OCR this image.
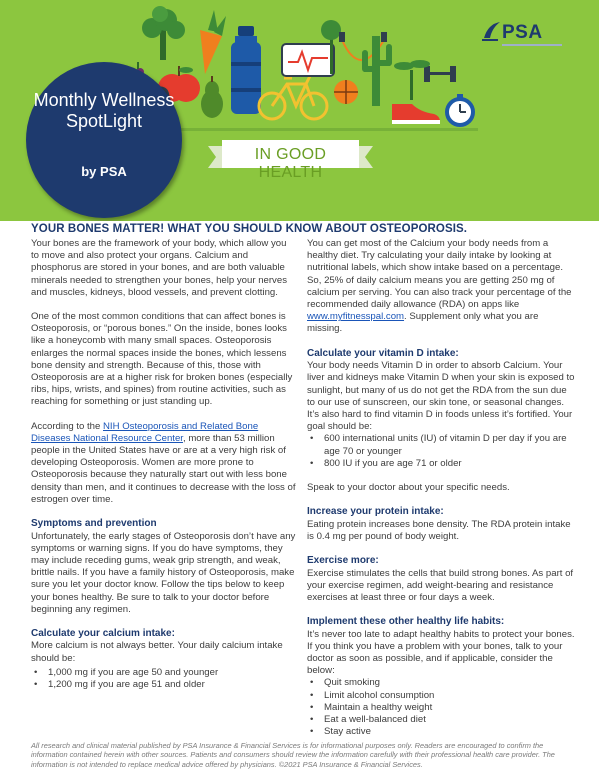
PSA
Monthly Wellness SpotLight
by PSA
IN GOOD HEALTH
YOUR BONES MATTER! WHAT YOU SHOULD KNOW ABOUT OSTEOPOROSIS.

Your bones are the framework of your body, which allow you to move and also protect your organs. Calcium and phosphorus are stored in your bones, and are both valuable minerals needed to strengthen your bones, help your nerves and muscles, kidneys, blood vessels, and prevent clotting.

One of the most common conditions that can affect bones is Osteoporosis, or “porous bones.” On the inside, bones looks like a honeycomb with many small spaces. Osteoporosis enlarges the normal spaces inside the bones, which lessens bone density and strength. Because of this, those with Osteoporosis are at a higher risk for broken bones (especially ribs, hips, wrists, and spines) from routine activities, such as reaching for something or just standing up.

According to the NIH Osteoporosis and Related Bone Diseases National Resource Center, more than 53 million people in the United States have or are at a very high risk of developing Osteoporosis. Women are more prone to Osteoporosis because they naturally start out with less bone density than men, and it continues to decrease with the loss of estrogen over time.

Symptoms and prevention

Unfortunately, the early stages of Osteoporosis don’t have any symptoms or warning signs. If you do have symptoms, they may include receding gums, weak grip strength, and weak, brittle nails. If you have a family history of Osteoporosis, make sure you let your doctor know. Follow the tips below to keep your bones healthy. Be sure to talk to your doctor before beginning any regimen.

Calculate your calcium intake:

More calcium is not always better. Your daily calcium intake should be:

• 1,000 mg if you are age 50 and younger
• 1,200 mg if you are age 51 and older

You can get most of the Calcium your body needs from a healthy diet. Try calculating your daily intake by looking at nutritional labels, which show intake based on a percentage. So, 25% of daily calcium means you are getting 250 mg of calcium per serving. You can also track your percentage of the recommended daily allowance (RDA) on apps like www.myfitnesspal.com. Supplement only what you are missing.

Calculate your vitamin D intake:

Your body needs Vitamin D in order to absorb Calcium. Your liver and kidneys make Vitamin D when your skin is exposed to sunlight, but many of us do not get the RDA from the sun due to our use of sunscreen, our skin tone, or seasonal changes. It’s also hard to find vitamin D in foods unless it’s fortified. Your goal should be:

• 600 international units (IU) of vitamin D per day if you are age 70 or younger
• 800 IU if you are age 71 or older

Speak to your doctor about your specific needs.

Increase your protein intake:

Eating protein increases bone density. The RDA protein intake is 0.4 mg per pound of body weight.

Exercise more:

Exercise stimulates the cells that build strong bones. As part of your exercise regimen, add weight-bearing and resistance exercises at least three or four days a week.

Implement these other healthy life habits:

It’s never too late to adapt healthy habits to protect your bones. If you think you have a problem with your bones, talk to your doctor as soon as possible, and if applicable, consider the below:

• Quit smoking
• Limit alcohol consumption
• Maintain a healthy weight
• Eat a well-balanced diet
• Stay active
All research and clinical material published by PSA Insurance & Financial Services is for informational purposes only. Readers are encouraged to confirm the information contained herein with other sources. Patients and consumers should review the information carefully with their professional health care provider. The information is not intended to replace medical advice offered by physicians. ©2021 PSA Insurance & Financial Services.
